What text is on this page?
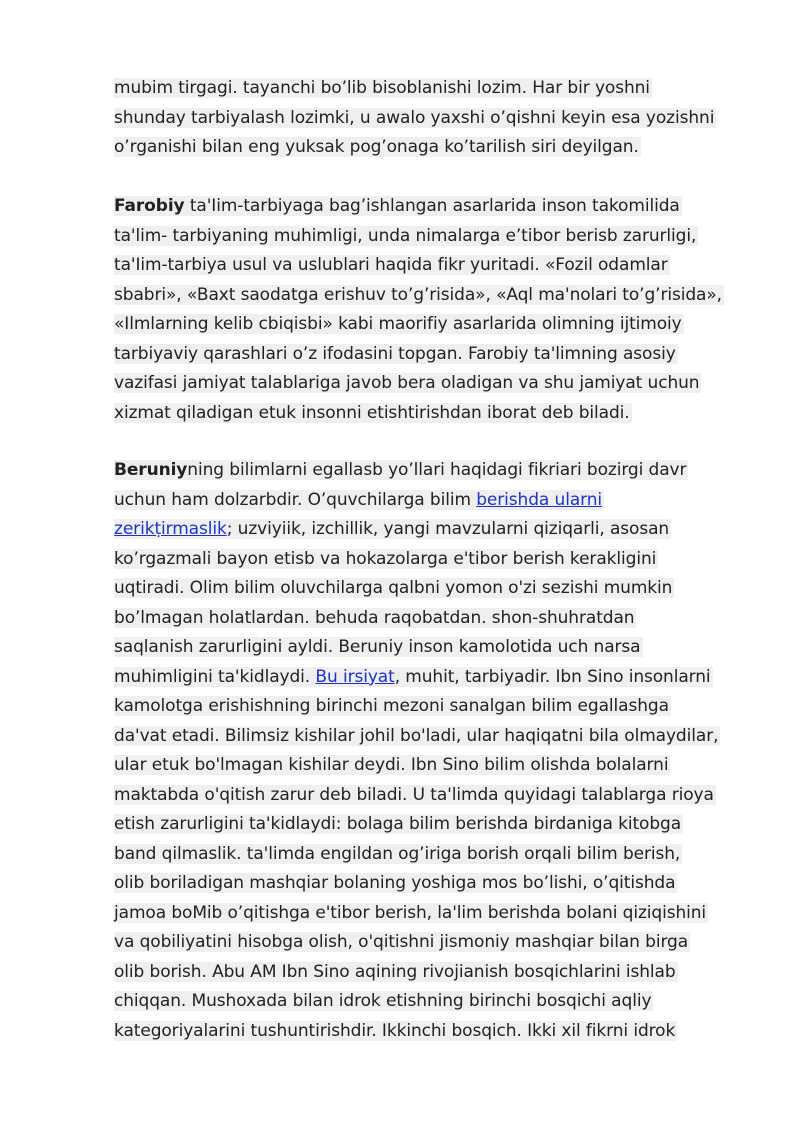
mubim tirgagi. tayanchi bo’lib bisoblanishi lozim. Har bir yoshni
shunday tarbiyalash lozimki, u awalo yaxshi o’qishni keyin esa yozishni
o’rganishi bilan eng yuksak pog’onaga ko’tarilish siri deyilgan.
Farobiy ta'Iim-tarbiyaga bag’ishlangan asarlarida inson takomilida
ta'lim- tarbiyaning muhimligi, unda nimalarga e’tibor berisb zarurligi,
ta'Iim-tarbiya usul va uslublari haqida fikr yuritadi. «Fozil odamlar
sbabri», «Baxt saodatga erishuv to’g’risida», «Aql ma'nolari to’g’risida»,
«Ilmlarning kelib cbiqisbi» kabi maorifiy asarlarida olimning ijtimoiy
tarbiyaviy qarashlari o’z ifodasini topgan. Farobiy ta'limning asosiy
vazifasi jamiyat talablariga javob bera oladigan va shu jamiyat uchun
xizmat qiladigan etuk insonni etishtirishdan iborat deb biladi.
Beruniyning bilimlarni egallasb yo’llari haqidagi fikriari bozirgi davr
uchun ham dolzarbdir. O’quvchilarga bilim berishda ularni
zerikṭirmaslik; uzviyiik, izchillik, yangi mavzularni qiziqarli, asosan
ko’rgazmali bayon etisb va hokazolarga e'tibor berish kerakligini
uqtiradi. Olim bilim oluvchilarga qalbni yomon o'zi sezishi mumkin
bo’lmagan holatlardan. behuda raqobatdan. shon-shuhratdan
saqlanish zarurligini ayldi. Beruniy inson kamolotida uch narsa
muhimligini ta'kidlaydi. Bu irsiyat, muhit, tarbiyadir. Ibn Sino insonlarni
kamolotga erishishning birinchi mezoni sanalgan bilim egallashga
da'vat etadi. Bilimsiz kishilar johil bo'ladi, ular haqiqatni bila olmaydilar,
ular etuk bo'lmagan kishilar deydi. Ibn Sino bilim olishda bolalarni
maktabda o'qitish zarur deb biladi. U ta'limda quyidagi talablarga rioya
etish zarurligini ta'kidlaydi: bolaga bilim berishda birdaniga kitobga
band qilmaslik. ta'limda engildan og’iriga borish orqali bilim berish,
olib boriladigan mashqiar bolaning yoshiga mos bo’lishi, o’qitishda
jamoa boMib o’qitishga e'tibor berish, la'lim berishda bolani qiziqishini
va qobiliyatini hisobga olish, o'qitishni jismoniy mashqiar bilan birga
olib borish. Abu AM Ibn Sino aqining rivojianish bosqichlarini ishlab
chiqqan. Mushoxada bilan idrok etishning birinchi bosqichi aqliy
kategoriyalarini tushuntirishdir. Ikkinchi bosqich. Ikki xil fikrni idrok
